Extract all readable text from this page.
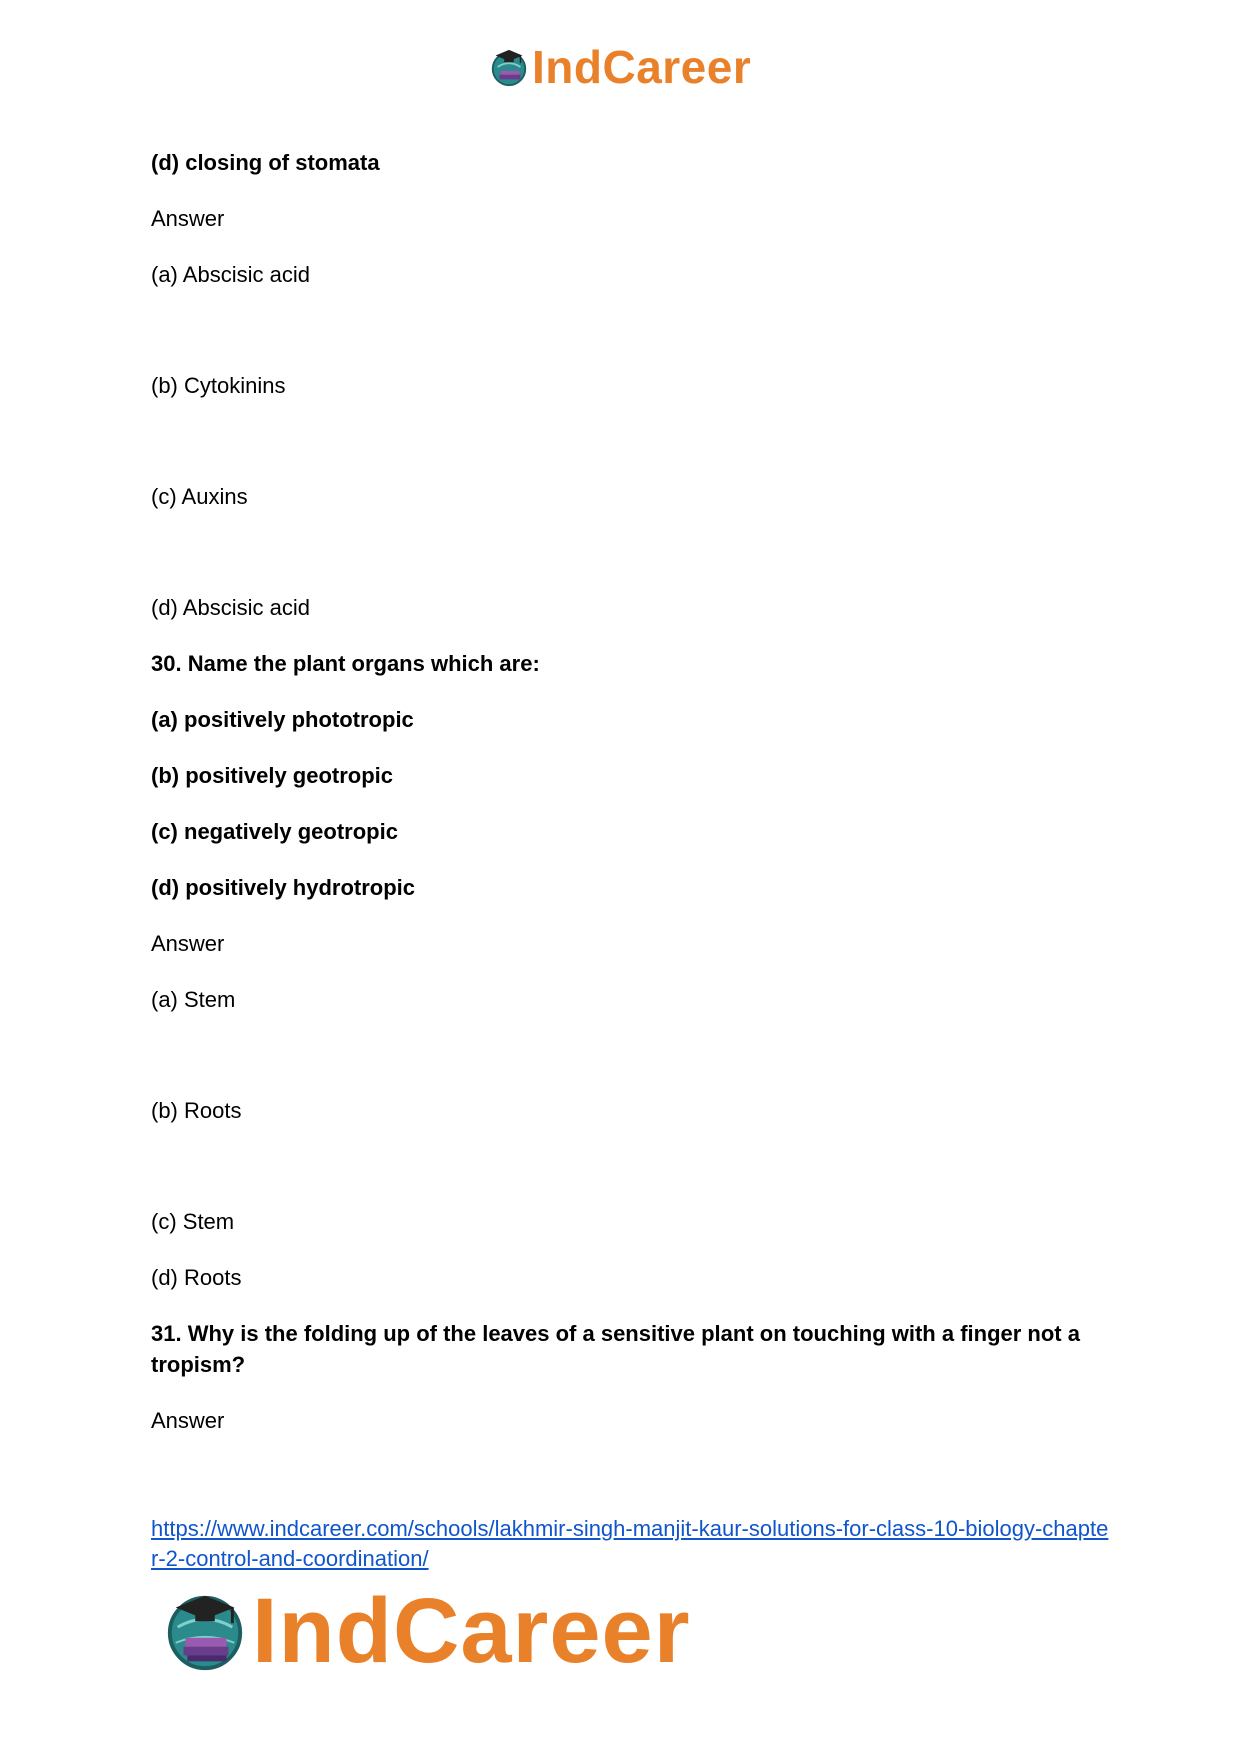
IndCareer
(d) closing of stomata
Answer
(a) Abscisic acid
(b) Cytokinins
(c) Auxins
(d) Abscisic acid
30. Name the plant organs which are:
(a) positively phototropic
(b) positively geotropic
(c) negatively geotropic
(d) positively hydrotropic
Answer
(a) Stem
(b) Roots
(c) Stem
(d) Roots
31. Why is the folding up of the leaves of a sensitive plant on touching with a finger not a tropism?
Answer
https://www.indcareer.com/schools/lakhmir-singh-manjit-kaur-solutions-for-class-10-biology-chapter-2-control-and-coordination/
IndCareer
